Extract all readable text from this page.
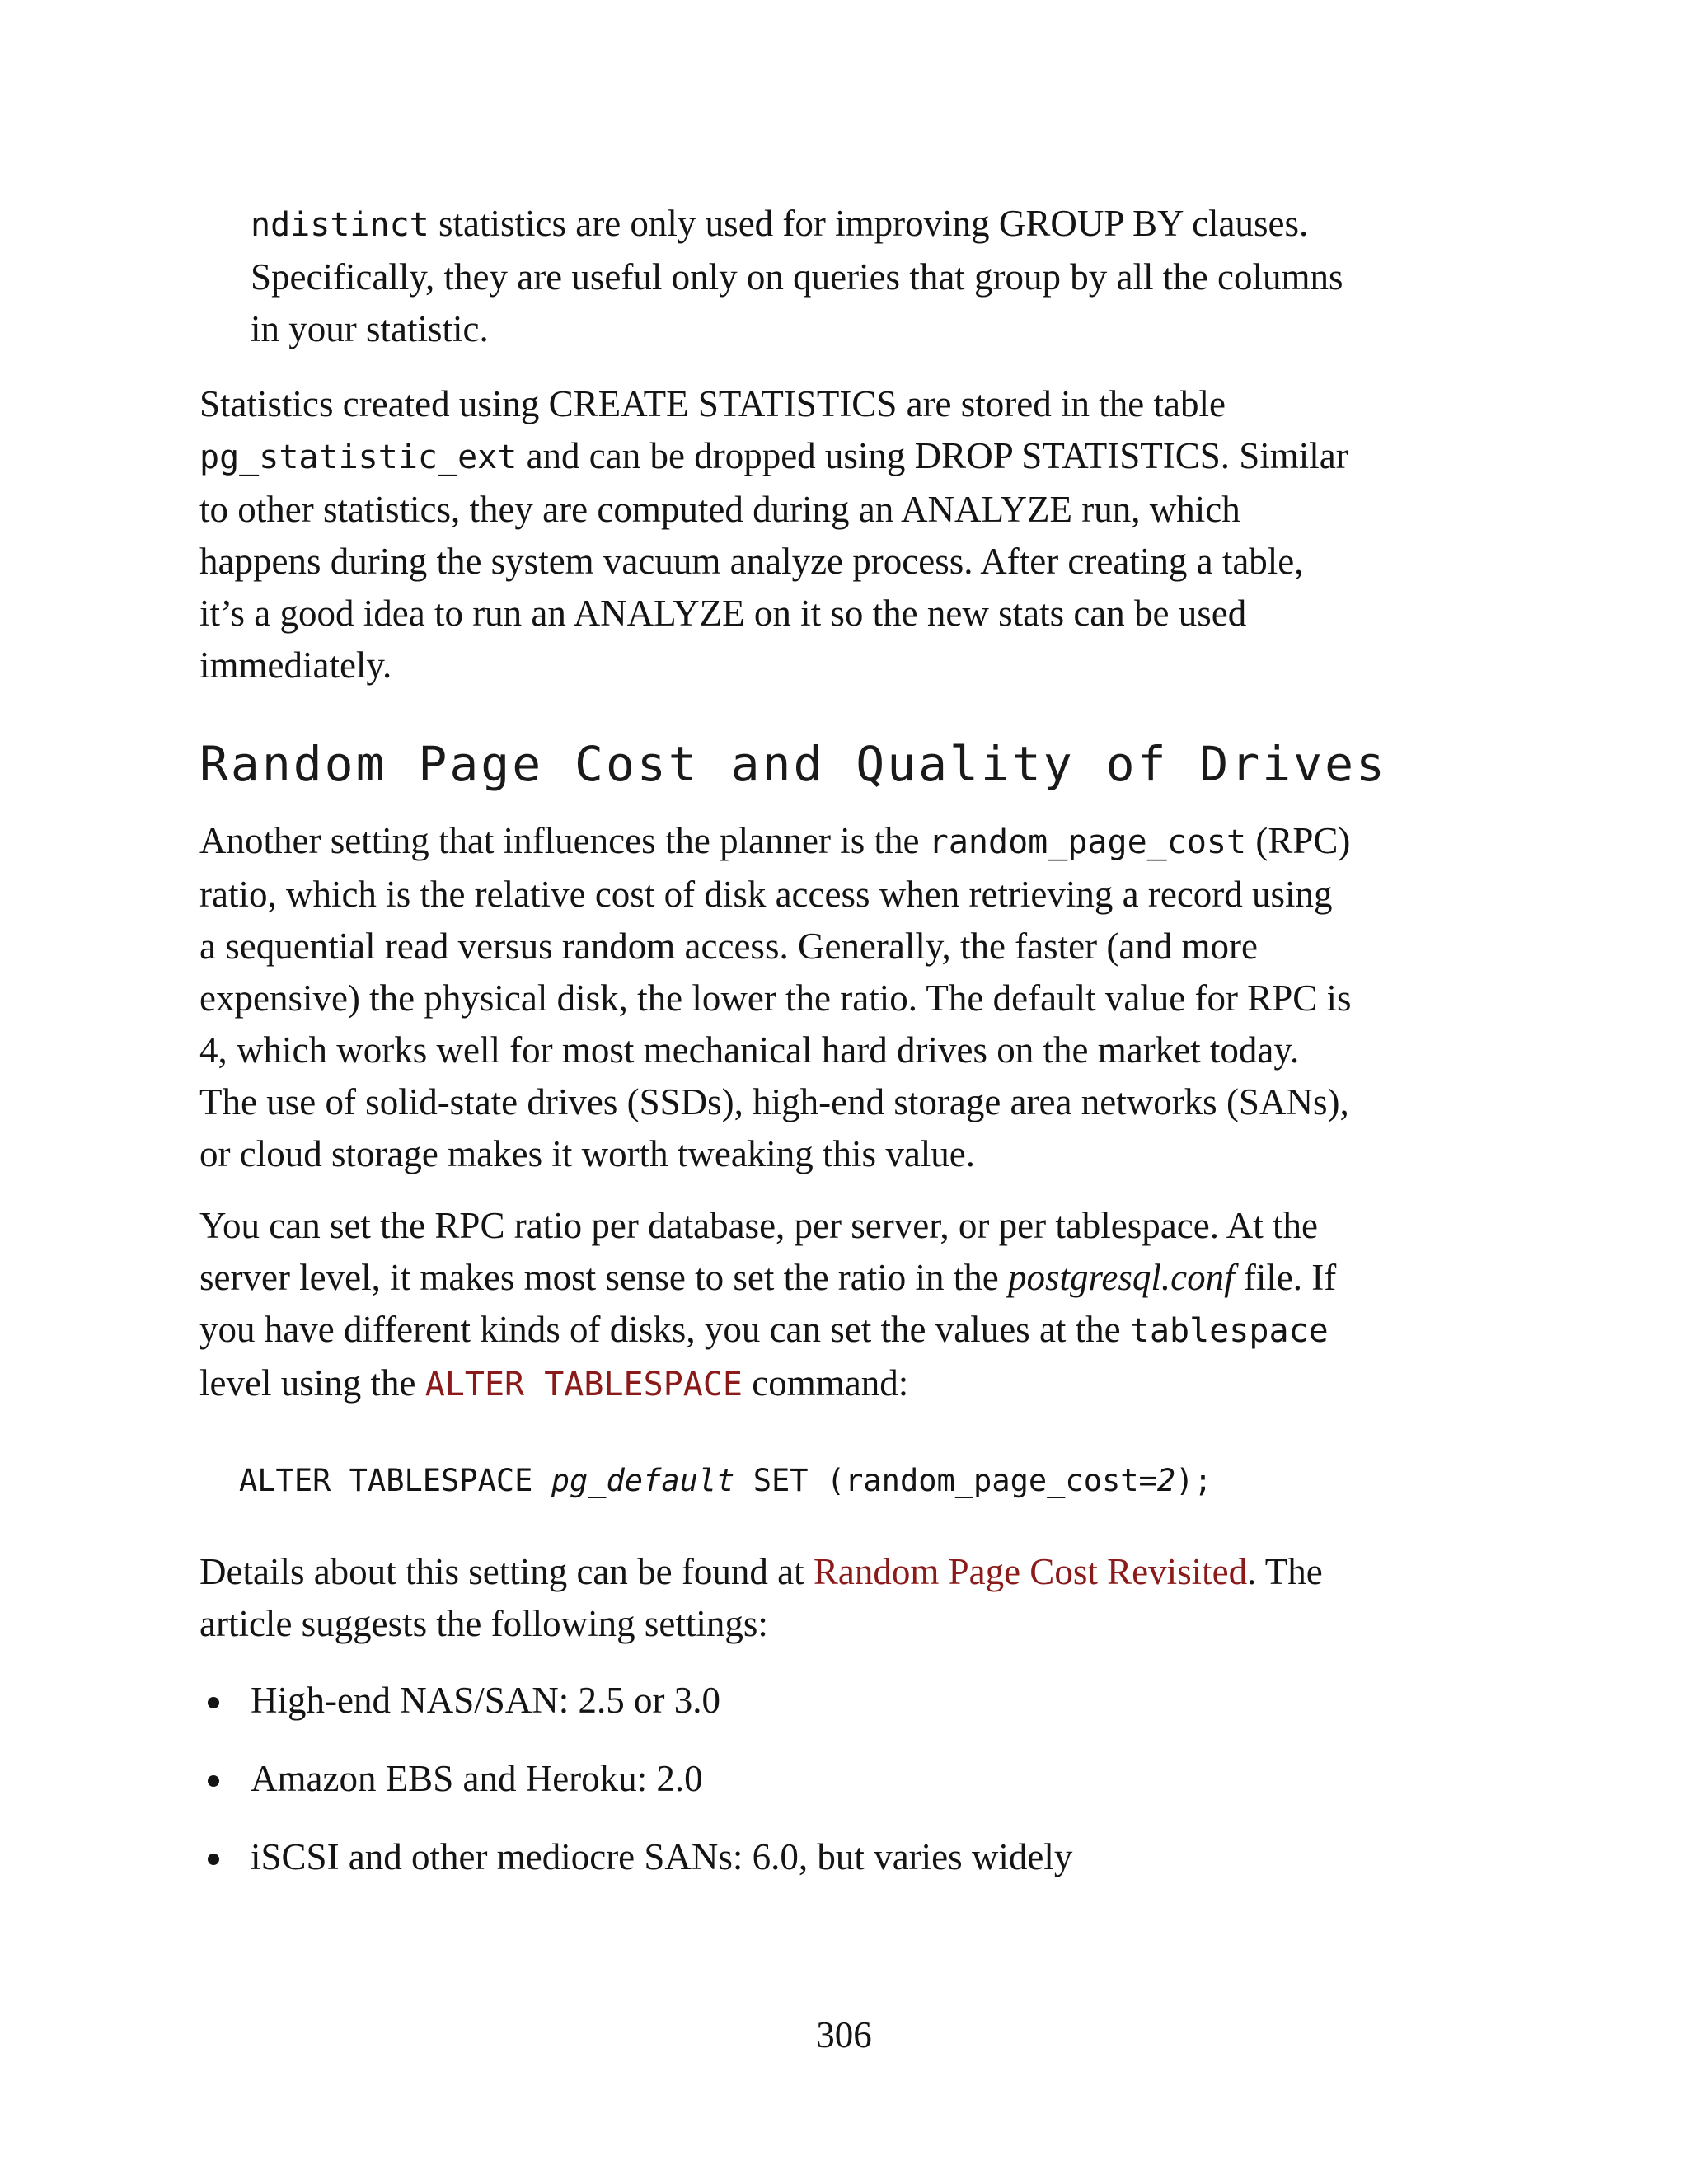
ndistinct statistics are only used for improving GROUP BY clauses.
Specifically, they are useful only on queries that group by all the columns
in your statistic.

Statistics created using CREATE STATISTICS are stored in the table
pg_statistic_ext and can be dropped using DROP STATISTICS. Similar
to other statistics, they are computed during an ANALYZE run, which
happens during the system vacuum analyze process. After creating a table,
it’s a good idea to run an ANALYZE on it so the new stats can be used
immediately.

Random Page Cost and Quality of Drives

Another setting that influences the planner is the random_page_cost (RPC)
ratio, which is the relative cost of disk access when retrieving a record using
a sequential read versus random access. Generally, the faster (and more
expensive) the physical disk, the lower the ratio. The default value for RPC is
4, which works well for most mechanical hard drives on the market today.
The use of solid-state drives (SSDs), high-end storage area networks (SANs),
or cloud storage makes it worth tweaking this value.

You can set the RPC ratio per database, per server, or per tablespace. At the
server level, it makes most sense to set the ratio in the postgresql.conf file. If
you have different kinds of disks, you can set the values at the tablespace
level using the ALTER TABLESPACE command:

ALTER TABLESPACE pg_default SET (random_page_cost=2);

Details about this setting can be found at Random Page Cost Revisited. The
article suggests the following settings:

High-end NAS/SAN: 2.5 or 3.0
Amazon EBS and Heroku: 2.0
iSCSI and other mediocre SANs: 6.0, but varies widely
306
